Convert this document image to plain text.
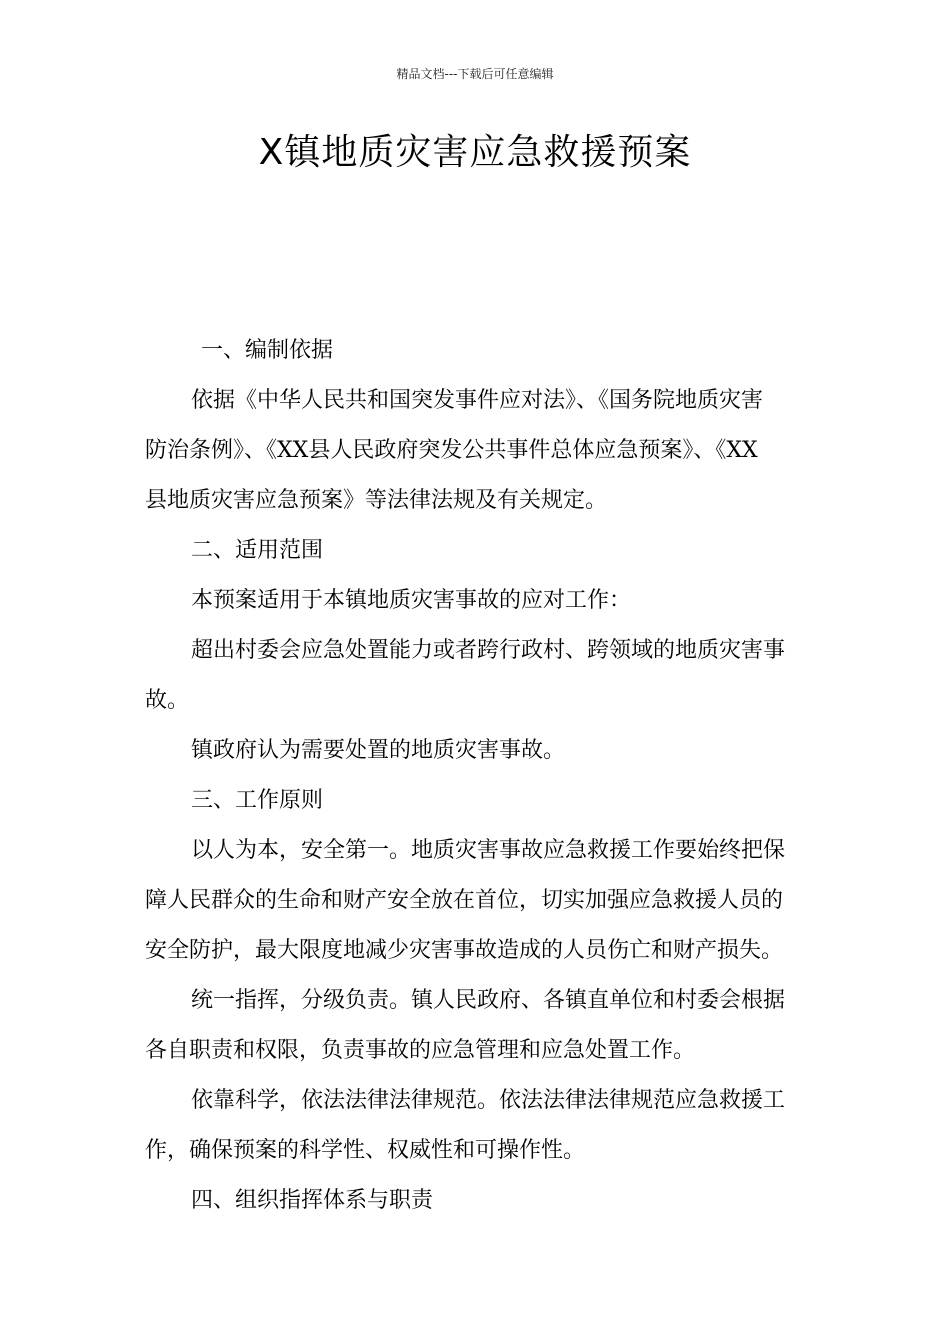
精品文档---下载后可任意编辑
X镇地质灾害应急救援预案
一、编制依据
依据《中华人民共和国突发事件应对法》、《国务院地质灾害
防治条例》、《XX县人民政府突发公共事件总体应急预案》、《XX
县地质灾害应急预案》等法律法规及有关规定。
二、适用范围
本预案适用于本镇地质灾害事故的应对工作：
超出村委会应急处置能力或者跨行政村、跨领域的地质灾害事
故。
镇政府认为需要处置的地质灾害事故。
三、工作原则
以人为本，安全第一。地质灾害事故应急救援工作要始终把保
障人民群众的生命和财产安全放在首位，切实加强应急救援人员的
安全防护，最大限度地减少灾害事故造成的人员伤亡和财产损失。
统一指挥，分级负责。镇人民政府、各镇直单位和村委会根据
各自职责和权限，负责事故的应急管理和应急处置工作。
依靠科学，依法法律法律规范。依法法律法律规范应急救援工
作，确保预案的科学性、权威性和可操作性。
四、组织指挥体系与职责
